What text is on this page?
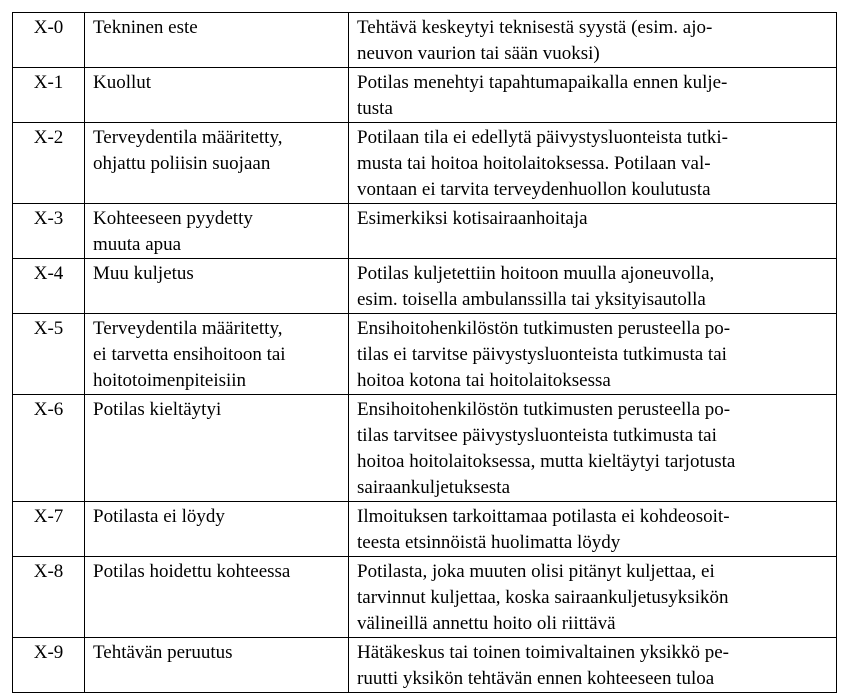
X-0	Tekninen este	Tehtävä keskeytyi teknisestä syystä (esim. ajo-
neuvon vaurion tai sään vuoksi)
X-1	Kuollut	Potilas menehtyi tapahtumapaikalla ennen kulje-
tusta
X-2	Terveydentila määritetty,
ohjattu poliisin suojaan	Potilaan tila ei edellytä päivystysluonteista tutki-
musta tai hoitoa hoitolaitoksessa. Potilaan val-
vontaan ei tarvita terveydenhuollon koulutusta
X-3	Kohteeseen pyydetty
muuta apua	Esimerkiksi kotisairaanhoitaja
X-4	Muu kuljetus	Potilas kuljetettiin hoitoon muulla ajoneuvolla,
esim. toisella ambulanssilla tai yksityisautolla
X-5	Terveydentila määritetty,
ei tarvetta ensihoitoon tai
hoitotoimenpiteisiin	Ensihoitohenkilöstön tutkimusten perusteella po-
tilas ei tarvitse päivystysluonteista tutkimusta tai
hoitoa kotona tai hoitolaitoksessa
X-6	Potilas kieltäytyi	Ensihoitohenkilöstön tutkimusten perusteella po-
tilas tarvitsee päivystysluonteista tutkimusta tai
hoitoa hoitolaitoksessa, mutta kieltäytyi tarjotusta
sairaankuljetuksesta
X-7	Potilasta ei löydy	Ilmoituksen tarkoittamaa potilasta ei kohdeosoit-
teesta etsinnöistä huolimatta löydy
X-8	Potilas hoidettu kohteessa	Potilasta, joka muuten olisi pitänyt kuljettaa, ei
tarvinnut kuljettaa, koska sairaankuljetusyksikön
välineillä annettu hoito oli riittävä
X-9	Tehtävän peruutus	Hätäkeskus tai toinen toimivaltainen yksikkö pe-
ruutti yksikön tehtävän ennen kohteeseen tuloa
